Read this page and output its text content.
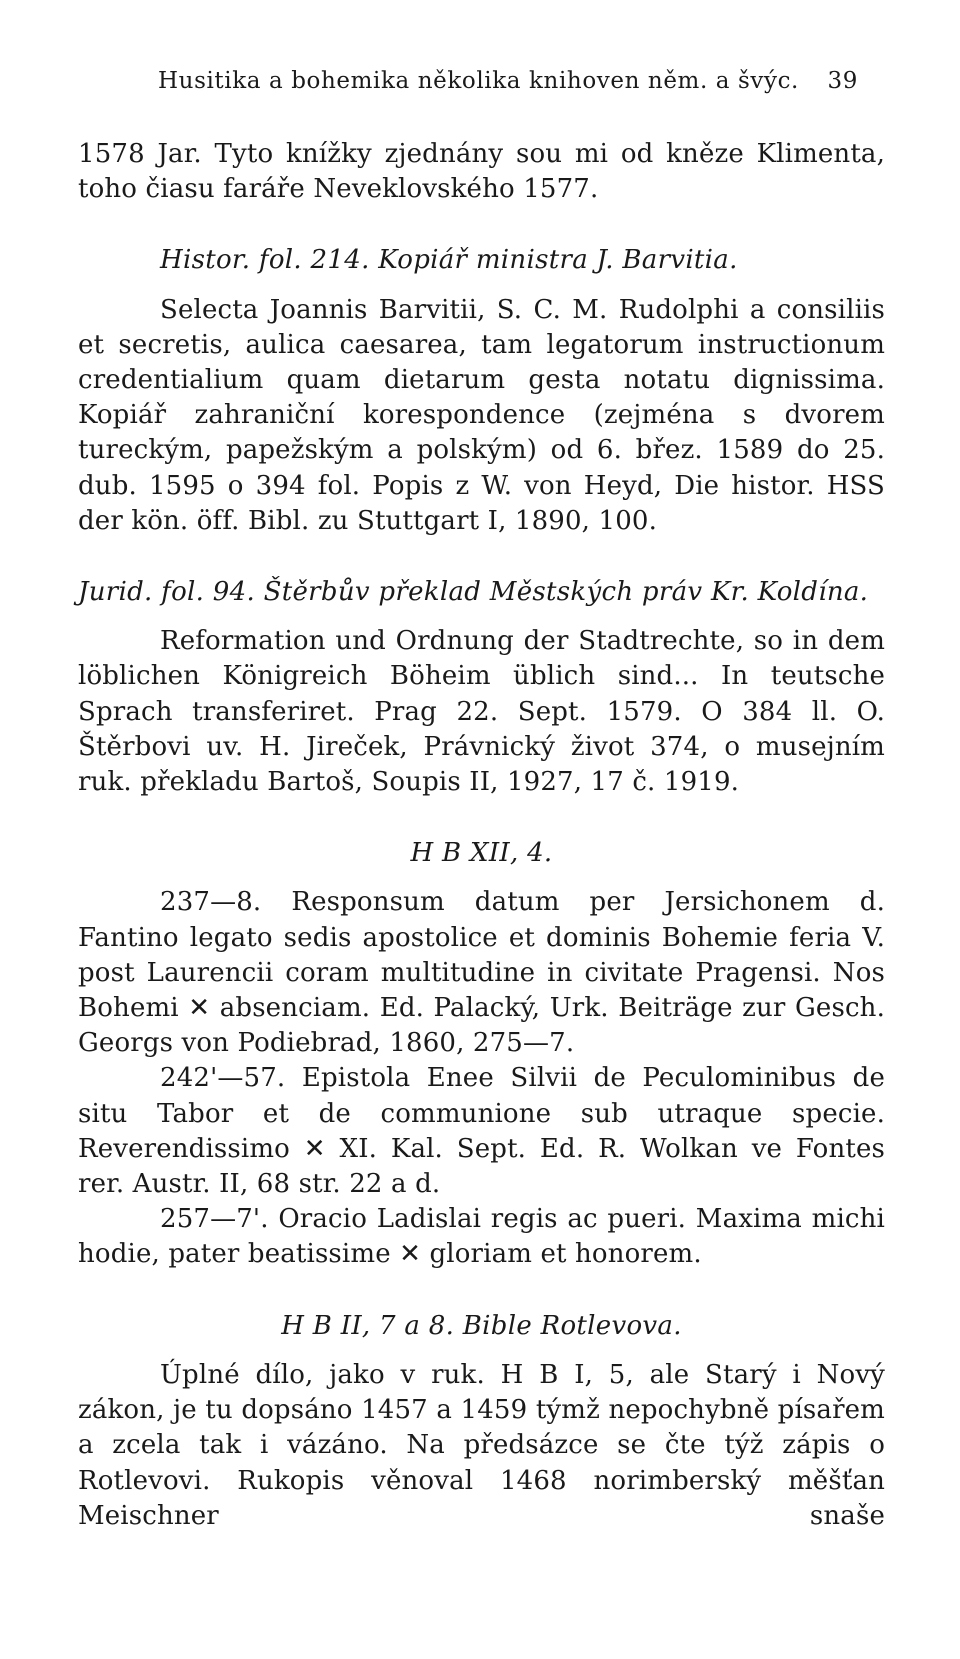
Husitika a bohemika několika knihoven něm. a švýc. 39

1578 Jar. Tyto knížky zjednány sou mi od kněze Klimenta, toho čiasu faráře Neveklovského 1577.

Histor. fol. 214. Kopiář ministra J. Barvitia.

Selecta Joannis Barvitii, S. C. M. Rudolphi a consiliis et secretis, aulica caesarea, tam legatorum instructionum credentialium quam dietarum gesta notatu dignissima. Kopiář zahraniční korespondence (zejména s dvorem tureckým, papežským a polským) od 6. břez. 1589 do 25. dub. 1595 o 394 fol. Popis z W. von Heyd, Die histor. HSS der kön. öff. Bibl. zu Stuttgart I, 1890, 100.

Jurid. fol. 94. Štěrbův překlad Městských práv Kr. Koldína.

Reformation und Ordnung der Stadtrechte, so in dem löblichen Königreich Böheim üblich sind... In teutsche Sprach transferiret. Prag 22. Sept. 1579. O 384 ll. O. Štěrbovi uv. H. Jireček, Právnický život 374, o musejním ruk. překladu Bartoš, Soupis II, 1927, 17 č. 1919.

H B XII, 4.

237—8. Responsum datum per Jersichonem d. Fantino legato sedis apostolice et dominis Bohemie feria V. post Laurencii coram multitudine in civitate Pragensi. Nos Bohemi ✕ absenciam. Ed. Palacký, Urk. Beiträge zur Gesch. Georgs von Podiebrad, 1860, 275—7.

242'—57. Epistola Enee Silvii de Peculominibus de situ Tabor et de communione sub utraque specie. Reverendissimo ✕ XI. Kal. Sept. Ed. R. Wolkan ve Fontes rer. Austr. II, 68 str. 22 a d.

257—7'. Oracio Ladislai regis ac pueri. Maxima michi hodie, pater beatissime ✕ gloriam et honorem.

H B II, 7 a 8. Bible Rotlevova.

Úplné dílo, jako v ruk. H B I, 5, ale Starý i Nový zákon, je tu dopsáno 1457 a 1459 týmž nepochybně písařem a zcela tak i vázáno. Na předsázce se čte týž zápis o Rotlevovi. Rukopis věnoval 1468 norimberský měšťan Meischner snaše
